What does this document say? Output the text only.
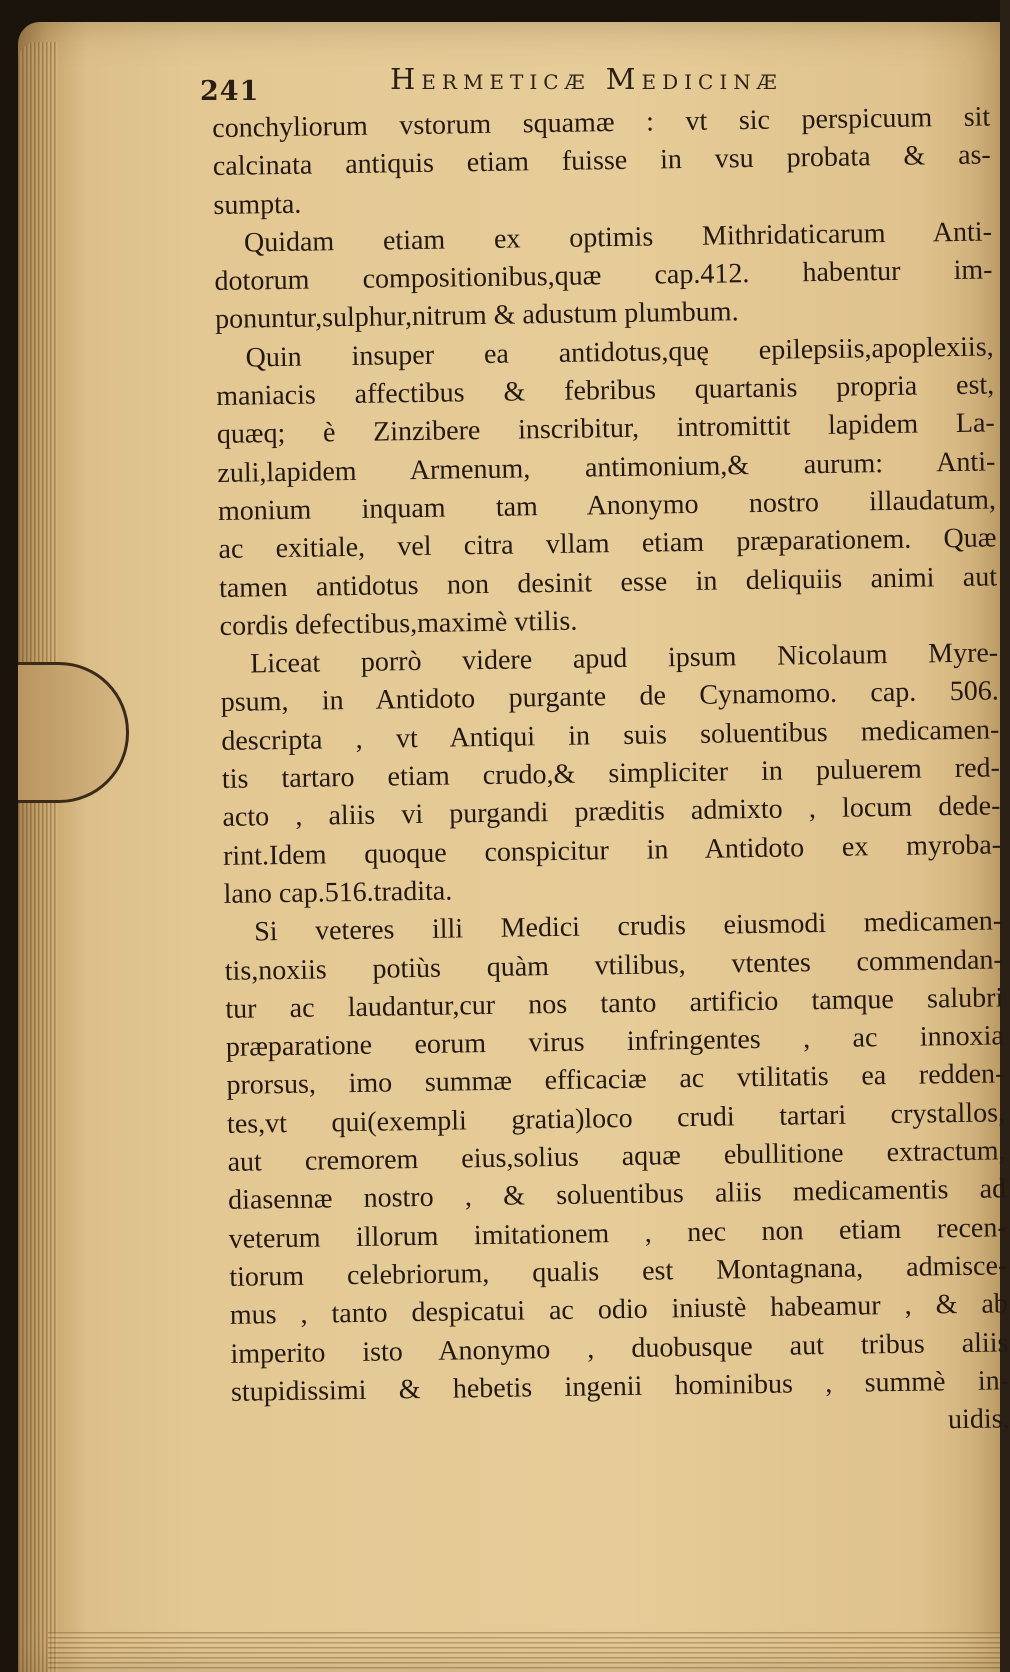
241	Hermeticæ Medicinæ
conchyliorum vstorum squamæ : vt sic perspicuum sit
calcinata antiquis etiam fuisse in vsu probata & as-
sumpta.
Quidam etiam ex optimis Mithridaticarum Anti-
dotorum compositionibus,quæ cap.412. habentur im-
ponuntur,sulphur,nitrum & adustum plumbum.
Quin insuper ea antidotus,quę epilepsiis,apoplexiis,
maniacis affectibus & febribus quartanis propria est,
quæq; è Zinzibere inscribitur, intromittit lapidem La-
zuli,lapidem Armenum, antimonium,& aurum: Anti-
monium inquam tam Anonymo nostro illaudatum,
ac exitiale, vel citra vllam etiam præparationem. Quæ
tamen antidotus non desinit esse in deliquiis animi aut
cordis defectibus,maximè vtilis.
Liceat porrò videre apud ipsum Nicolaum Myre-
psum, in Antidoto purgante de Cynamomo. cap. 506.
descripta , vt Antiqui in suis soluentibus medicamen-
tis tartaro etiam crudo,& simpliciter in puluerem red-
acto , aliis vi purgandi præditis admixto , locum dede-
rint.Idem quoque conspicitur in Antidoto ex myroba-
lano cap.516.tradita.
Si veteres illi Medici crudis eiusmodi medicamen-
tis,noxiis potiùs quàm vtilibus, vtentes commendan-
tur ac laudantur,cur nos tanto artificio tamque salubri
præparatione eorum virus infringentes , ac innoxia
prorsus, imo summæ efficaciæ ac vtilitatis ea redden-
tes,vt qui(exempli gratia)loco crudi tartari crystallos,
aut cremorem eius,solius aquæ ebullitione extractum,
diasennæ nostro , & soluentibus aliis medicamentis ad
veterum illorum imitationem , nec non etiam recen-
tiorum celebriorum, qualis est Montagnana, admisce-
mus , tanto despicatui ac odio iniustè habeamur , & ab
imperito isto Anonymo , duobusque aut tribus aliis
stupidissimi & hebetis ingenii hominibus , summè in-
uidis,
